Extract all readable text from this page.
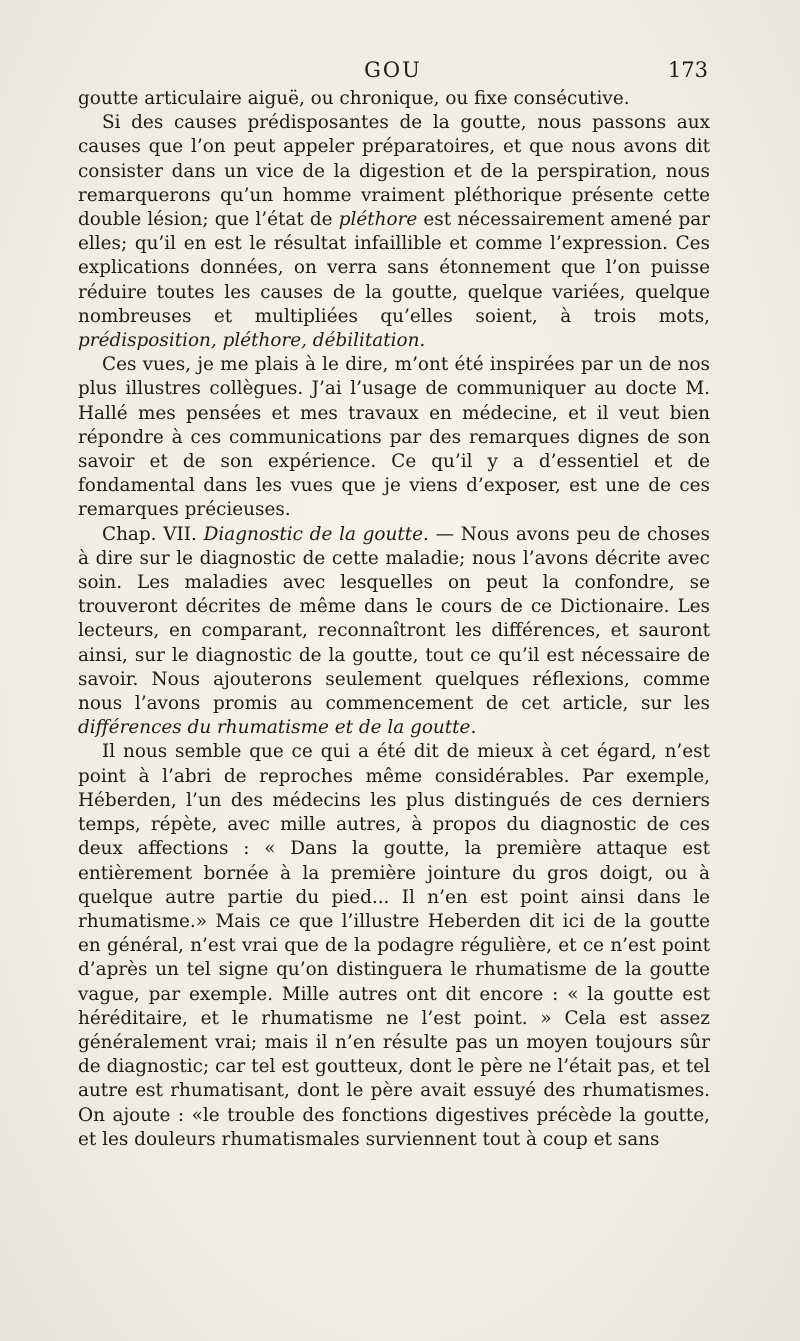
GOU	173

goutte articulaire aiguë, ou chronique, ou fixe consécutive.

Si des causes prédisposantes de la goutte, nous passons aux causes que l’on peut appeler préparatoires, et que nous avons dit consister dans un vice de la digestion et de la perspiration, nous remarquerons qu’un homme vraiment pléthorique présente cette double lésion; que l’état de pléthore est nécessairement amené par elles; qu’il en est le résultat infaillible et comme l’expression. Ces explications données, on verra sans étonnement que l’on puisse réduire toutes les causes de la goutte, quelque variées, quelque nombreuses et multipliées qu’elles soient, à trois mots, prédisposition, pléthore, débilitation.

Ces vues, je me plais à le dire, m’ont été inspirées par un de nos plus illustres collègues. J’ai l’usage de communiquer au docte M. Hallé mes pensées et mes travaux en médecine, et il veut bien répondre à ces communications par des remarques dignes de son savoir et de son expérience. Ce qu’il y a d’essentiel et de fondamental dans les vues que je viens d’exposer, est une de ces remarques précieuses.

Chap. VII. Diagnostic de la goutte. — Nous avons peu de choses à dire sur le diagnostic de cette maladie; nous l’avons décrite avec soin. Les maladies avec lesquelles on peut la confondre, se trouveront décrites de même dans le cours de ce Dictionaire. Les lecteurs, en comparant, reconnaîtront les différences, et sauront ainsi, sur le diagnostic de la goutte, tout ce qu’il est nécessaire de savoir. Nous ajouterons seulement quelques réflexions, comme nous l’avons promis au commencement de cet article, sur les différences du rhumatisme et de la goutte.

Il nous semble que ce qui a été dit de mieux à cet égard, n’est point à l’abri de reproches même considérables. Par exemple, Héberden, l’un des médecins les plus distingués de ces derniers temps, répète, avec mille autres, à propos du diagnostic de ces deux affections : « Dans la goutte, la première attaque est entièrement bornée à la première jointure du gros doigt, ou à quelque autre partie du pied... Il n’en est point ainsi dans le rhumatisme.» Mais ce que l’illustre Heberden dit ici de la goutte en général, n’est vrai que de la podagre régulière, et ce n’est point d’après un tel signe qu’on distinguera le rhumatisme de la goutte vague, par exemple. Mille autres ont dit encore : « la goutte est héréditaire, et le rhumatisme ne l’est point. » Cela est assez généralement vrai; mais il n’en résulte pas un moyen toujours sûr de diagnostic; car tel est goutteux, dont le père ne l’était pas, et tel autre est rhumatisant, dont le père avait essuyé des rhumatismes. On ajoute : «le trouble des fonctions digestives précède la goutte, et les douleurs rhumatismales surviennent tout à coup et sans
